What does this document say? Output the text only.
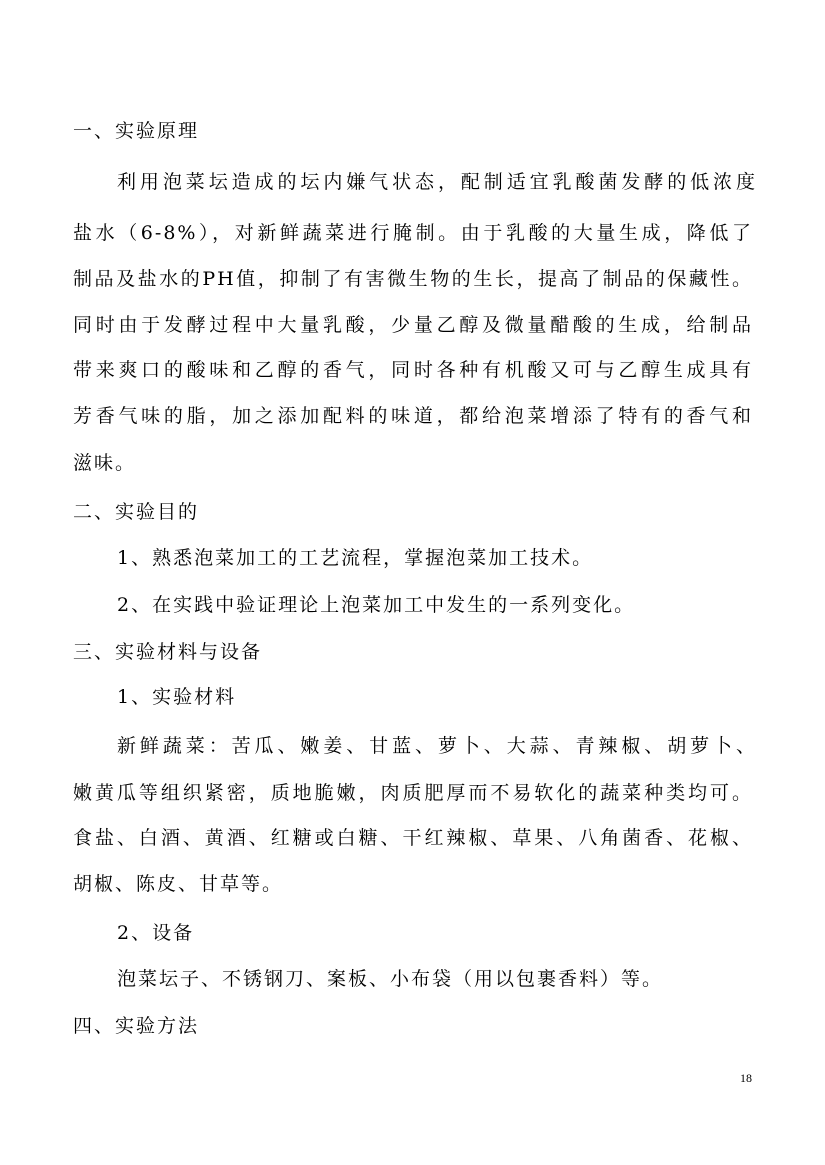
一、实验原理
利用泡菜坛造成的坛内嫌气状态，配制适宜乳酸菌发酵的低浓度
盐水（6-8%），对新鲜蔬菜进行腌制。由于乳酸的大量生成，降低了
制品及盐水的PH值，抑制了有害微生物的生长，提高了制品的保藏性。
同时由于发酵过程中大量乳酸，少量乙醇及微量醋酸的生成，给制品
带来爽口的酸味和乙醇的香气，同时各种有机酸又可与乙醇生成具有
芳香气味的脂，加之添加配料的味道，都给泡菜增添了特有的香气和
滋味。
二、实验目的
1、熟悉泡菜加工的工艺流程，掌握泡菜加工技术。
2、在实践中验证理论上泡菜加工中发生的一系列变化。
三、实验材料与设备
1、实验材料
新鲜蔬菜：苦瓜、嫩姜、甘蓝、萝卜、大蒜、青辣椒、胡萝卜、
嫩黄瓜等组织紧密，质地脆嫩，肉质肥厚而不易软化的蔬菜种类均可。
食盐、白酒、黄酒、红糖或白糖、干红辣椒、草果、八角菌香、花椒、
胡椒、陈皮、甘草等。
2、设备
泡菜坛子、不锈钢刀、案板、小布袋（用以包裹香料）等。
四、实验方法
18
